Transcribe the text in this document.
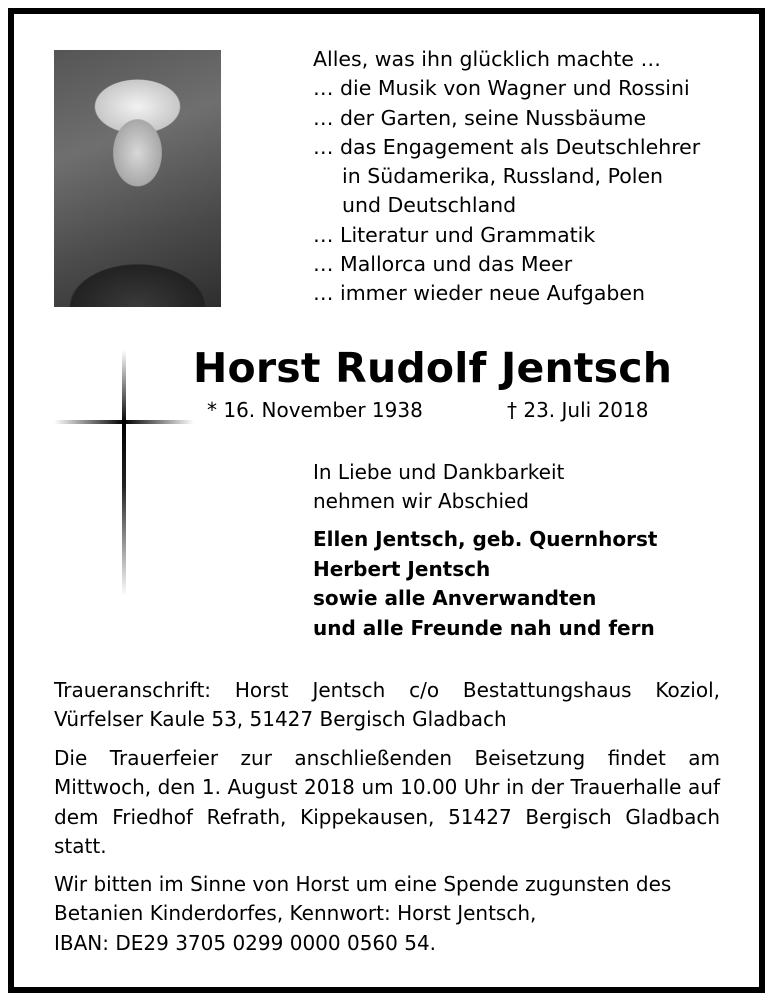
Alles, was ihn glücklich machte …
… die Musik von Wagner und Rossini
… der Garten, seine Nussbäume
… das Engagement als Deutschlehrer
in Südamerika, Russland, Polen
und Deutschland
… Literatur und Grammatik
… Mallorca und das Meer
… immer wieder neue Aufgaben
Horst Rudolf Jentsch
* 16. November 1938	† 23. Juli 2018
In Liebe und Dankbarkeit
nehmen wir Abschied
Ellen Jentsch, geb. Quernhorst
Herbert Jentsch
sowie alle Anverwandten
und alle Freunde nah und fern
Traueranschrift: Horst Jentsch c/o Bestattungshaus Koziol, Vürfelser Kaule 53, 51427 Bergisch Gladbach
Die Trauerfeier zur anschließenden Beisetzung findet am Mittwoch, den 1. August 2018 um 10.00 Uhr in der Trauerhalle auf dem Friedhof Refrath, Kippekausen, 51427 Bergisch Gladbach statt.
Wir bitten im Sinne von Horst um eine Spende zugunsten des
Betanien Kinderdorfes, Kennwort: Horst Jentsch,
IBAN: DE29 3705 0299 0000 0560 54.
